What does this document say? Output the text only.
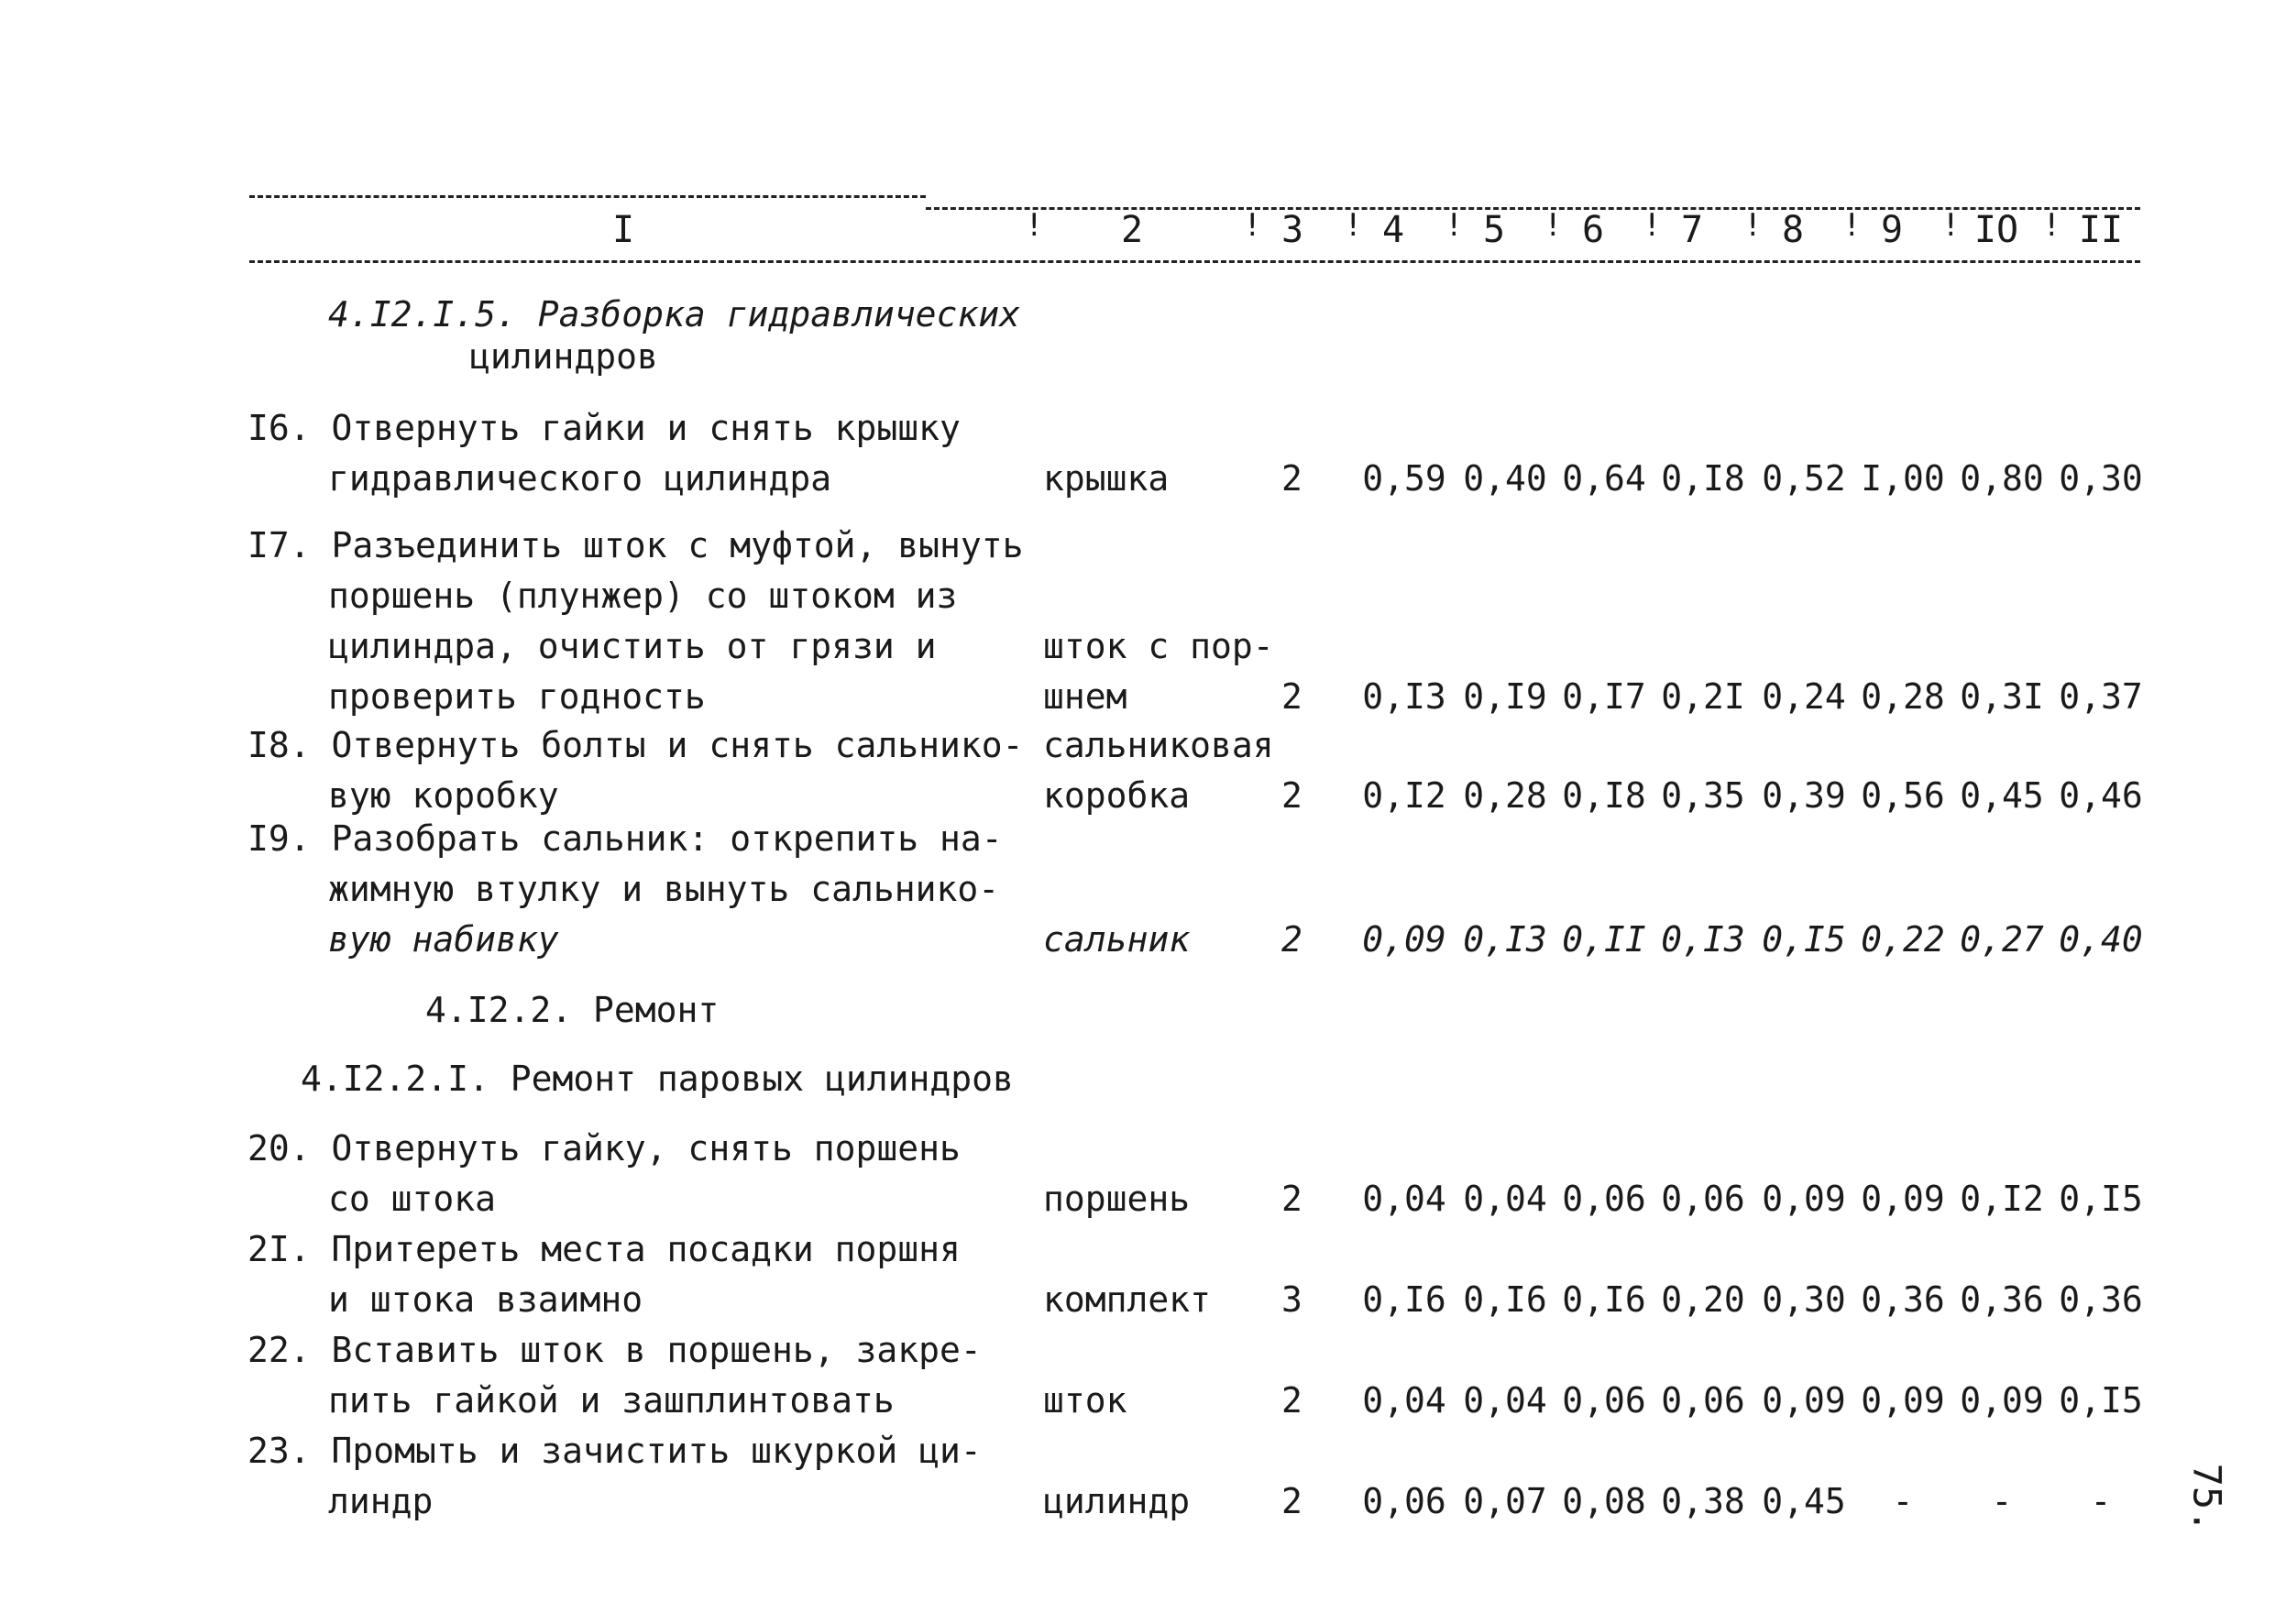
I	2	3 4 5 6 7 8 9 IO II
!	!	!	!	!	!	!	!	!	!
4.I2.I.5. Разборка гидравлических
цилиндров
4.I2.2. Ремонт
4.I2.2.I. Ремонт паровых цилиндров
I6. Отвернуть гайки и снять крышку
гидравлического цилиндра	крышка	2 0,59 0,40 0,64 0,I8 0,52 I,00 0,80 0,30
I7. Разъединить шток с муфтой, вынуть
поршень (плунжер) со штоком из
цилиндра, очистить от грязи и
проверить годность
шток с пор-
шнем	2 0,I3 0,I9 0,I7 0,2I 0,24 0,28 0,3I 0,37
I8. Отвернуть болты и снять сальнико-
вую коробку
сальниковая
коробка	2 0,I2 0,28 0,I8 0,35 0,39 0,56 0,45 0,46
I9. Разобрать сальник: открепить на-
жимную втулку и вынуть сальнико-
вую набивку	сальник	2 0,09 0,I3 0,II 0,I3 0,I5 0,22 0,27 0,40
20. Отвернуть гайку, снять поршень
со штока	поршень	2 0,04 0,04 0,06 0,06 0,09 0,09 0,I2 0,I5
2I. Притереть места посадки поршня
и штока взаимно	комплект 3 0,I6 0,I6 0,I6 0,20 0,30 0,36 0,36 0,36
22. Вставить шток в поршень, закре-
пить гайкой и зашплинтовать	шток	2 0,04 0,04 0,06 0,06 0,09 0,09 0,09 0,I5
23. Промыть и зачистить шкуркой ци-
линдр	цилиндр	2 0,06 0,07 0,08 0,38 0,45	-	-	-	75.
